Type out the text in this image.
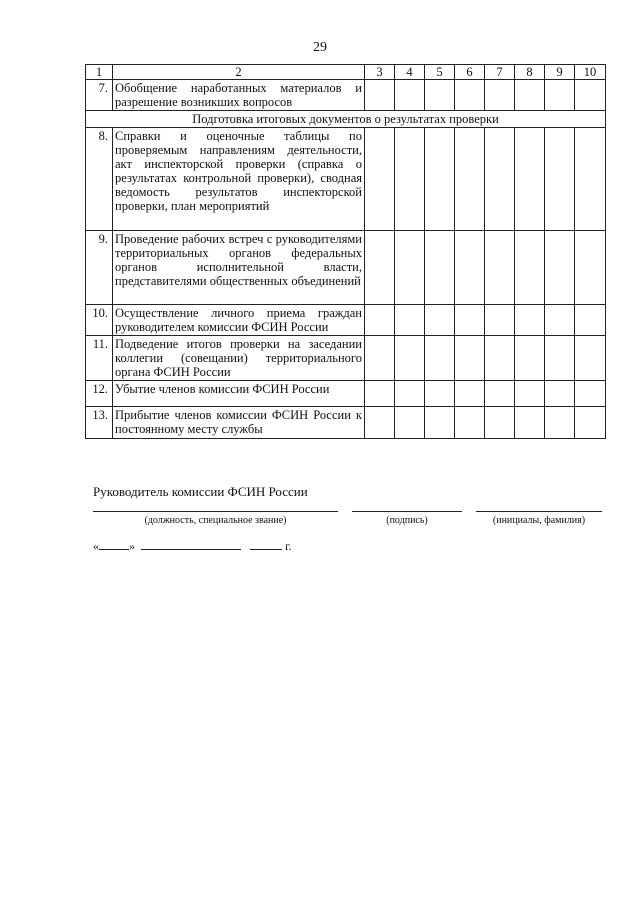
29
1	2	3	4	5	6	7	8	9	10
7.	Обобщение наработанных материалов и разрешение возникших вопросов								
Подготовка итоговых документов о результатах проверки									
8.	Справки и оценочные таблицы по проверяемым направлениям деятельности, акт инспекторской проверки (справка о результатах контрольной проверки), сводная ведомость результатов инспекторской проверки, план мероприятий								
9.	Проведение рабочих встреч с руководителями территориальных органов федеральных органов исполнительной власти, представителями общественных объединений								
10.	Осуществление личного приема граждан руководителем комиссии ФСИН России								
11.	Подведение итогов проверки на заседании коллегии (совещании) территориального органа ФСИН России								
12.	Убытие членов комиссии ФСИН России								
13.	Прибытие членов комиссии ФСИН России к постоянному месту службы								
Руководитель комиссии ФСИН России
(должность, специальное звание)	(подпись)	(инициалы, фамилия)
«	»	г.
